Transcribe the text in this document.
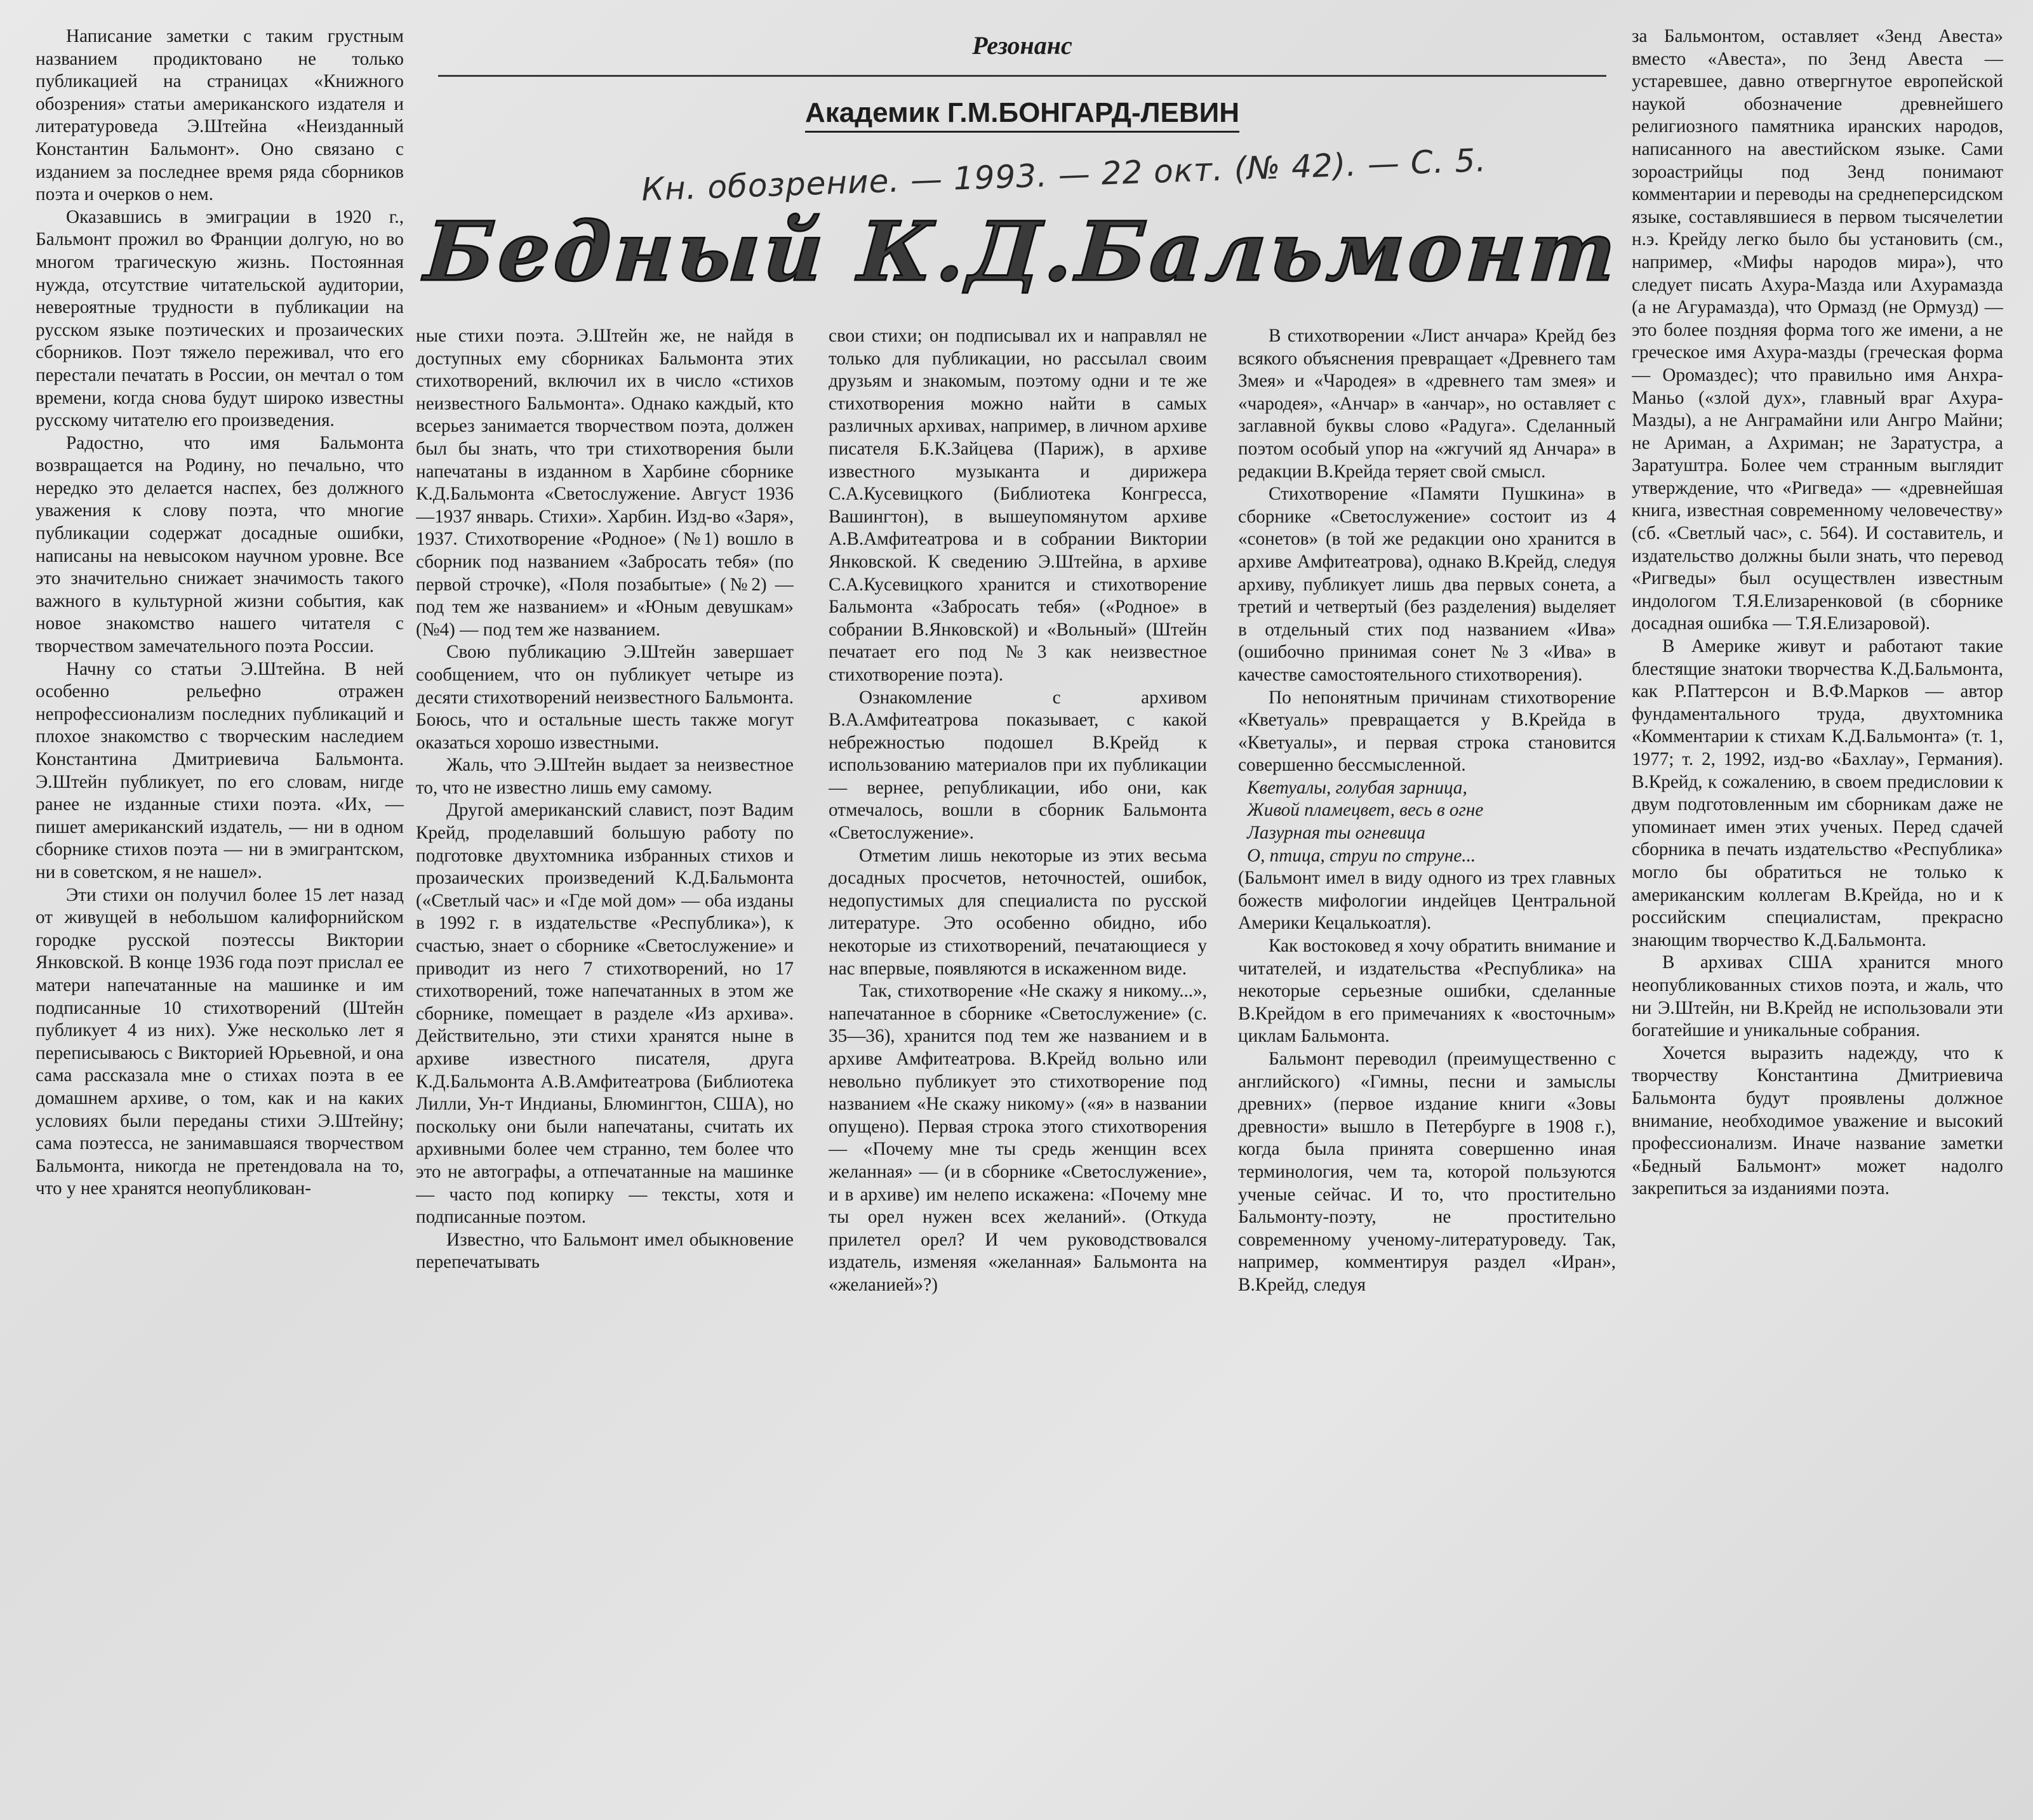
Резонанс
Академик Г.М.БОНГАРД-ЛЕВИН
Кн. обозрение. — 1993. — 22 окт. (№ 42). — С. 5.
Бедный К.Д.Бальмонт

Написание заметки с таким грустным названием продиктовано не только публикацией на страницах «Книжного обозрения» статьи американского издателя и литературоведа Э.Штейна «Неизданный Константин Бальмонт». Оно связано с изданием за последнее время ряда сборников поэта и очерков о нем.

Оказавшись в эмиграции в 1920 г., Бальмонт прожил во Франции долгую, но во многом трагическую жизнь. Постоянная нужда, отсутствие читательской аудитории, невероятные трудности в публикации на русском языке поэтических и прозаических сборников. Поэт тяжело переживал, что его перестали печатать в России, он мечтал о том времени, когда снова будут широко известны русскому читателю его произведения.

Радостно, что имя Бальмонта возвращается на Родину, но печально, что нередко это делается наспех, без должного уважения к слову поэта, что многие публикации содержат досадные ошибки, написаны на невысоком научном уровне. Все это значительно снижает значимость такого важного в культурной жизни события, как новое знакомство нашего читателя с творчеством замечательного поэта России.

Начну со статьи Э.Штейна. В ней особенно рельефно отражен непрофессионализм последних публикаций и плохое знакомство с творческим наследием Константина Дмитриевича Бальмонта. Э.Штейн публикует, по его словам, нигде ранее не изданные стихи поэта. «Их, — пишет американский издатель, — ни в одном сборнике стихов поэта — ни в эмигрантском, ни в советском, я не нашел».

Эти стихи он получил более 15 лет назад от живущей в небольшом калифорнийском городке русской поэтессы Виктории Янковской. В конце 1936 года поэт прислал ее матери напечатанные на машинке и им подписанные 10 стихотворений (Штейн публикует 4 из них). Уже несколько лет я переписываюсь с Викторией Юрьевной, и она сама рассказала мне о стихах поэта в ее домашнем архиве, о том, как и на каких условиях были переданы стихи Э.Штейну; сама поэтесса, не занимавшаяся творчеством Бальмонта, никогда не претендовала на то, что у нее хранятся неопубликован-

ные стихи поэта. Э.Штейн же, не найдя в доступных ему сборниках Бальмонта этих стихотворений, включил их в число «стихов неизвестного Бальмонта». Однако каждый, кто всерьез занимается творчеством поэта, должен был бы знать, что три стихотворения были напечатаны в изданном в Харбине сборнике К.Д.Бальмонта «Светослужение. Август 1936—1937 январь. Стихи». Харбин. Изд-во «Заря», 1937. Стихотворение «Родное» (№1) вошло в сборник под названием «Забросать тебя» (по первой строчке), «Поля позабытые» (№2) — под тем же названием» и «Юным девушкам» (№4) — под тем же названием.

Свою публикацию Э.Штейн завершает сообщением, что он публикует четыре из десяти стихотворений неизвестного Бальмонта. Боюсь, что и остальные шесть также могут оказаться хорошо известными.

Жаль, что Э.Штейн выдает за неизвестное то, что не известно лишь ему самому.

Другой американский славист, поэт Вадим Крейд, проделавший большую работу по подготовке двухтомника избранных стихов и прозаических произведений К.Д.Бальмонта («Светлый час» и «Где мой дом» — оба изданы в 1992 г. в издательстве «Республика»), к счастью, знает о сборнике «Светослужение» и приводит из него 7 стихотворений, но 17 стихотворений, тоже напечатанных в этом же сборнике, помещает в разделе «Из архива». Действительно, эти стихи хранятся ныне в архиве известного писателя, друга К.Д.Бальмонта А.В.Амфитеатрова (Библиотека Лилли, Ун-т Индианы, Блюмингтон, США), но поскольку они были напечатаны, считать их архивными более чем странно, тем более что это не автографы, а отпечатанные на машинке — часто под копирку — тексты, хотя и подписанные поэтом.

Известно, что Бальмонт имел обыкновение перепечатывать

свои стихи; он подписывал их и направлял не только для публикации, но рассылал своим друзьям и знакомым, поэтому одни и те же стихотворения можно найти в самых различных архивах, например, в личном архиве писателя Б.К.Зайцева (Париж), в архиве известного музыканта и дирижера С.А.Кусевицкого (Библиотека Конгресса, Вашингтон), в вышеупомянутом архиве А.В.Амфитеатрова и в собрании Виктории Янковской. К сведению Э.Штейна, в архиве С.А.Кусевицкого хранится и стихотворение Бальмонта «Забросать тебя» («Родное» в собрании В.Янковской) и «Вольный» (Штейн печатает его под №3 как неизвестное стихотворение поэта).

Ознакомление с архивом В.А.Амфитеатрова показывает, с какой небрежностью подошел В.Крейд к использованию материалов при их публикации — вернее, републикации, ибо они, как отмечалось, вошли в сборник Бальмонта «Светослужение».

Отметим лишь некоторые из этих весьма досадных просчетов, неточностей, ошибок, недопустимых для специалиста по русской литературе. Это особенно обидно, ибо некоторые из стихотворений, печатающиеся у нас впервые, появляются в искаженном виде.

Так, стихотворение «Не скажу я никому...», напечатанное в сборнике «Светослужение» (с. 35—36), хранится под тем же названием и в архиве Амфитеатрова. В.Крейд вольно или невольно публикует это стихотворение под названием «Не скажу никому» («я» в названии опущено). Первая строка этого стихотворения — «Почему мне ты средь женщин всех желанная» — (и в сборнике «Светослужение», и в архиве) им нелепо искажена: «Почему мне ты орел нужен всех желаний». (Откуда прилетел орел? И чем руководствовался издатель, изменяя «желанная» Бальмонта на «желанией»?)

В стихотворении «Лист анчара» Крейд без всякого объяснения превращает «Древнего там Змея» и «Чародея» в «древнего там змея» и «чародея», «Анчар» в «анчар», но оставляет с заглавной буквы слово «Радуга». Сделанный поэтом особый упор на «жгучий яд Анчара» в редакции В.Крейда теряет свой смысл.

Стихотворение «Памяти Пушкина» в сборнике «Светослужение» состоит из 4 «сонетов» (в той же редакции оно хранится в архиве Амфитеатрова), однако В.Крейд, следуя архиву, публикует лишь два первых сонета, а третий и четвертый (без разделения) выделяет в отдельный стих под названием «Ива» (ошибочно принимая сонет №3 «Ива» в качестве самостоятельного стихотворения).

По непонятным причинам стихотворение «Кветуаль» превращается у В.Крейда в «Кветуалы», и первая строка становится совершенно бессмысленной.

Кветуалы, голубая зарница,

Живой пламецвет, весь в огне

Лазурная ты огневица

О, птица, струи по струне...

(Бальмонт имел в виду одного из трех главных божеств мифологии индейцев Центральной Америки Кецалькоатля).

Как востоковед я хочу обратить внимание и читателей, и издательства «Республика» на некоторые серьезные ошибки, сделанные В.Крейдом в его примечаниях к «восточным» циклам Бальмонта.

Бальмонт переводил (преимущественно с английского) «Гимны, песни и замыслы древних» (первое издание книги «Зовы древности» вышло в Петербурге в 1908 г.), когда была принята совершенно иная терминология, чем та, которой пользуются ученые сейчас. И то, что простительно Бальмонту-поэту, не простительно современному ученому-литературоведу. Так, например, комментируя раздел «Иран», В.Крейд, следуя

за Бальмонтом, оставляет «Зенд Авеста» вместо «Авеста», по Зенд Авеста — устаревшее, давно отвергнутое европейской наукой обозначение древнейшего религиозного памятника иранских народов, написанного на авестийском языке. Сами зороастрийцы под Зенд понимают комментарии и переводы на среднеперсидском языке, составлявшиеся в первом тысячелетии н.э. Крейду легко было бы установить (см., например, «Мифы народов мира»), что следует писать Ахура-Мазда или Ахурамазда (а не Агурамазда), что Ормазд (не Ормузд) — это более поздняя форма того же имени, а не греческое имя Ахура-мазды (греческая форма — Оромаздес); что правильно имя Анхра-Маньо («злой дух», главный враг Ахура-Мазды), а не Анграмайни или Ангро Майни; не Ариман, а Ахриман; не Заратустра, а Заратуштра. Более чем странным выглядит утверждение, что «Ригведа» — «древнейшая книга, известная современному человечеству» (сб. «Светлый час», с. 564). И составитель, и издательство должны были знать, что перевод «Ригведы» был осуществлен известным индологом Т.Я.Елизаренковой (в сборнике досадная ошибка — Т.Я.Елизаровой).

В Америке живут и работают такие блестящие знатоки творчества К.Д.Бальмонта, как Р.Паттерсон и В.Ф.Марков — автор фундаментального труда, двухтомника «Комментарии к стихам К.Д.Бальмонта» (т. 1, 1977; т. 2, 1992, изд-во «Бахлау», Германия). В.Крейд, к сожалению, в своем предисловии к двум подготовленным им сборникам даже не упоминает имен этих ученых. Перед сдачей сборника в печать издательство «Республика» могло бы обратиться не только к американским коллегам В.Крейда, но и к российским специалистам, прекрасно знающим творчество К.Д.Бальмонта.

В архивах США хранится много неопубликованных стихов поэта, и жаль, что ни Э.Штейн, ни В.Крейд не использовали эти богатейшие и уникальные собрания.

Хочется выразить надежду, что к творчеству Константина Дмитриевича Бальмонта будут проявлены должное внимание, необходимое уважение и высокий профессионализм. Иначе название заметки «Бедный Бальмонт» может надолго закрепиться за изданиями поэта.
